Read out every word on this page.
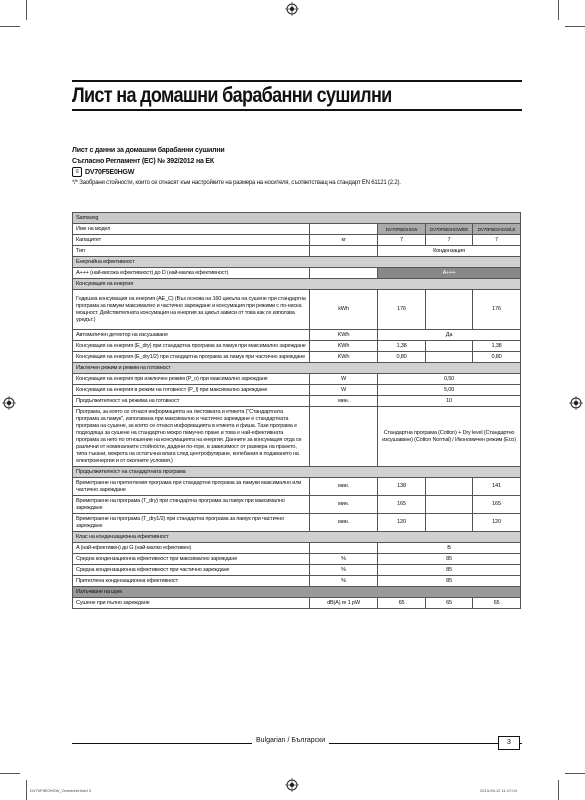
Лист на домашни барабанни сушилни
Лист с данни за домашни барабанни сушилни
Съгласно Регламент (ЕС) № 392/2012 на ЕК
≡ DV70F5E0HGW
*/* Заобрани стойности, които се отнасят към настройките на размера на носителя, съответстващ на стандарт EN 61121 (2.2).
Samsung				
Име на модел		DV70F5E0HGW	DV70F5E0HGW/EE	DV70F5E0HGW/LE
Капацитет	кг	7	7	7
Тип		Кондензация		
Енергийна ефективност				
A+++ (най-висока ефективност) до D (най-малка ефективност)		A+++		
Консумация на енергия				
Годишна консумация на енергия (AE_C) (Въз основа на 160 цикъла на сушене при стандартна програма за памуки максимално и частично зареждане и консумация при режими с по-ниска мощност. Действителната консумация на енергия за цикъл зависи от това как се използва уредът.)	kWh	176		176
Автоматичен детектор на изсушаване	KWh	Да		
Консумация на енергия (E_dry) при стандартна програма за памук при максимално зареждане	KWh	1,38		1,38
Консумация на енергия (E_dry1/2) при стандартна програма за памук при частично зареждане	KWh	0,80		0,80
Изключен режим и режим на готовност				
Консумация на енергия при изключен режим (P_o) при максимално зареждане	W	0,50		
Консумация на енергия в режим на готовност (P_l) при максимално зареждане	W	5,00		
Продължителност на режима на готовност	мин.	10		
Програмa, за която се отнася информацията на листовката и етикета ("Стандартната програма за памук", използвана при максимално и частично зареждане е стандартната програма на сушене, за която се отнася информацията в етикета и фиша. Тази програма е подходяща за сушене на стандартно мокро памучно пране и това е най-ефективната програма за него по отношение на консумацията на енергия. Данните за консумация отда се различни от номиналните стойности, дадени по-горе, в зависимост от размера на прането, типа тъкани, мокрота на остатъчна влага след центрофугиране, колебания в подаването на електроенергия и от околните условия.)		Стандартна програма (Cotton) + Dry level (Стандартно изсушаване) (Cotton Normal) / Икономичен режим (Eco)		
Продължителност на стандартната програма				
Времетраене на претегления програма при стандартни програма за памуки максимално или частично зареждане	мин.	138		141
Времетраене на програма (T_dry) при стандартна програма за памук при максимално зареждане	мин.	165		165
Времетраене на програма (T_dry1/2) при стандартна програма за памук при частично зареждане	мин.	120		120
Клас на кондензационна ефективност				
A (най-ефективен) до G (най-малко ефективен)		B		
Средна кондензационна ефективност при максимално зареждане	%	85		
Средна кондензационна ефективност при частично зареждане	%	85		
Претеглена кондензационна ефективност	%	85		
Излъчване на шум				
Сушене при пълно зареждане	dB(A) re 1 pW	65	65	65
Bulgarian / Български	3
DV70F5E0HGW_Onesheet.indd 3	2013-09-12 11:17:04
